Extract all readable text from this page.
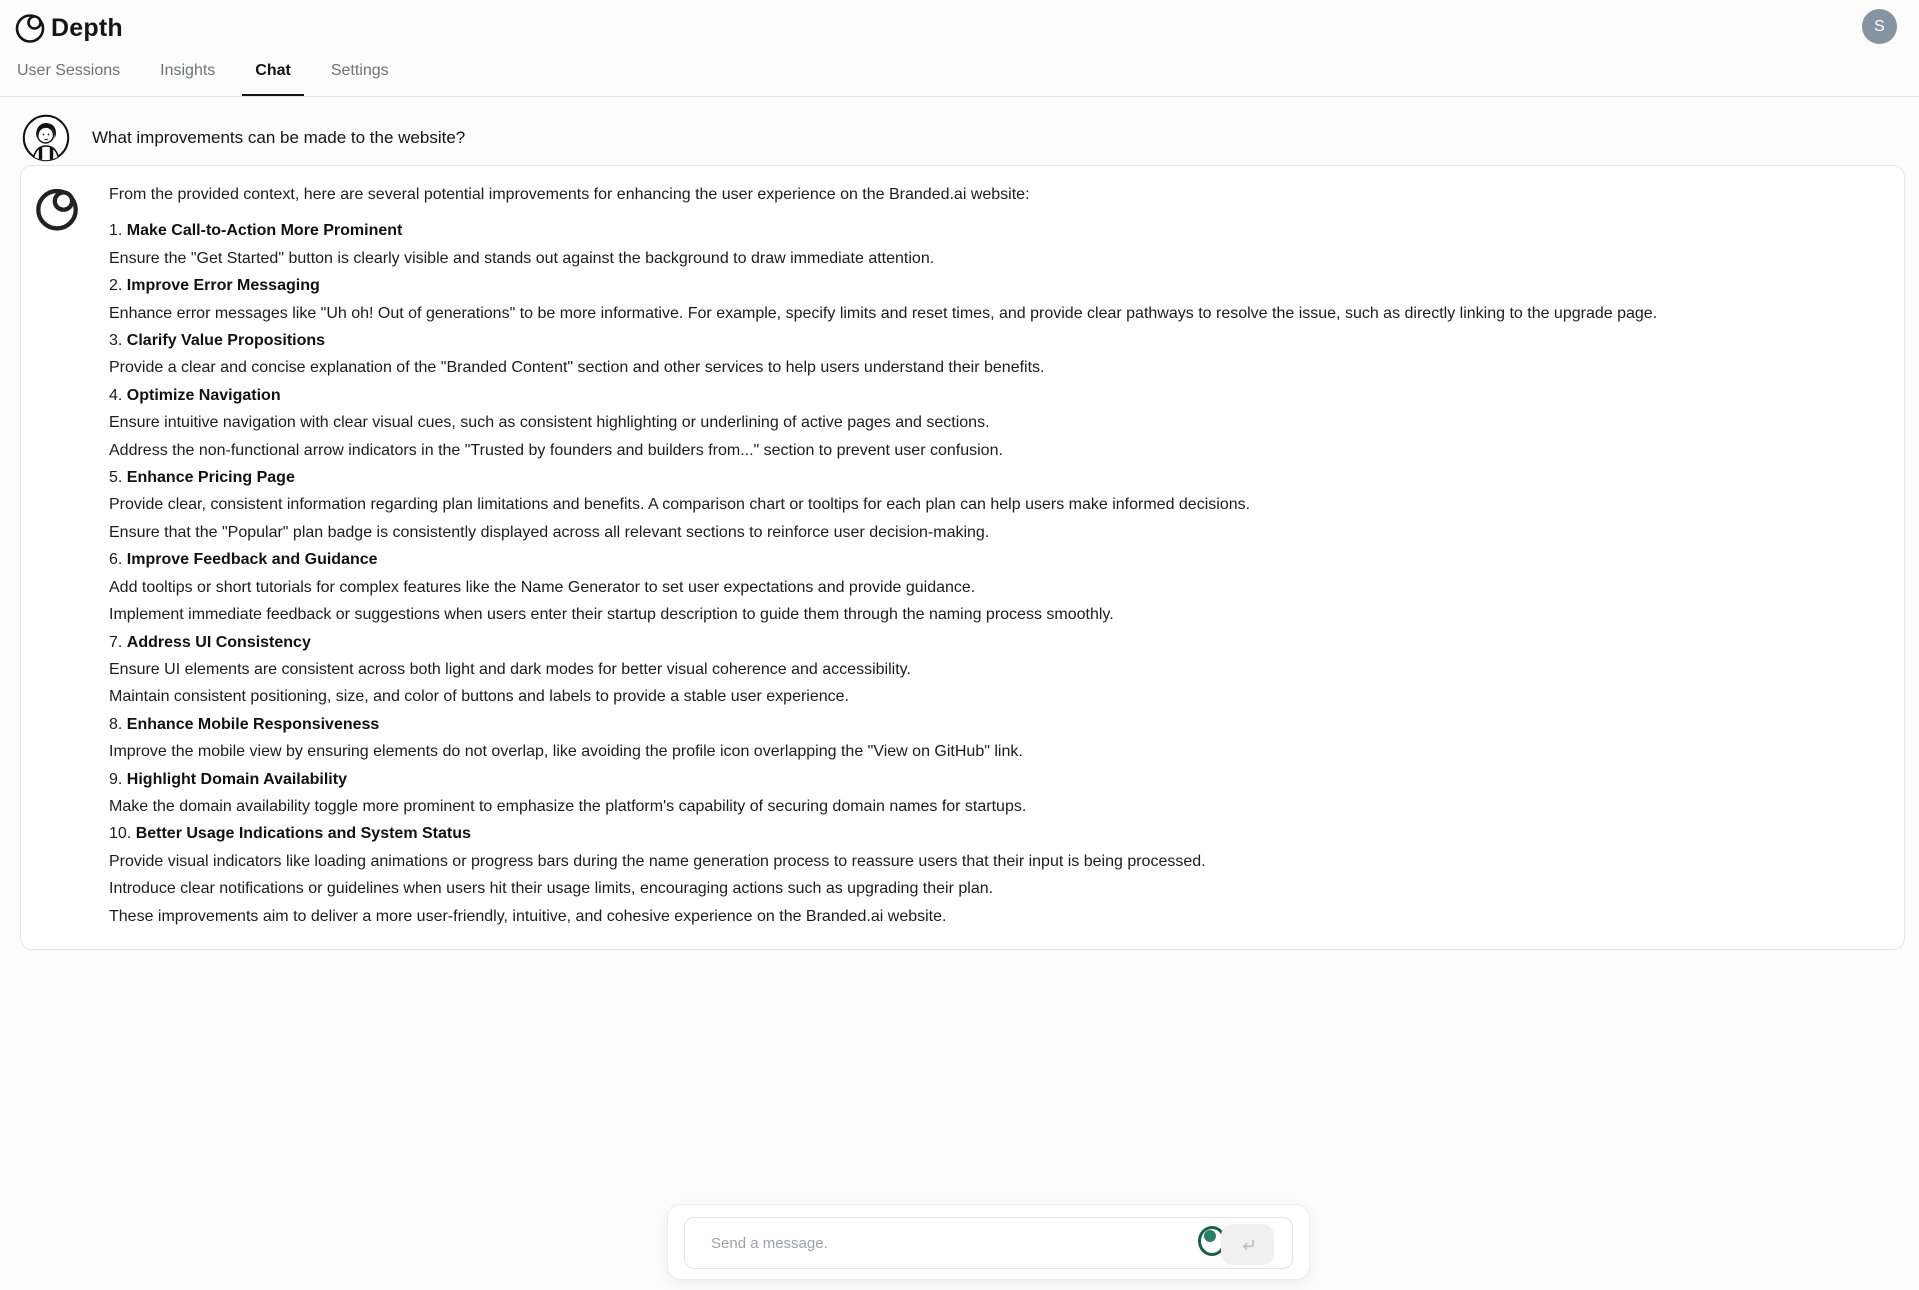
Depth	S
User Sessions	Insights	Chat	Settings
What improvements can be made to the website?
From the provided context, here are several potential improvements for enhancing the user experience on the Branded.ai website:
1. Make Call-to-Action More Prominent
Ensure the "Get Started" button is clearly visible and stands out against the background to draw immediate attention.
2. Improve Error Messaging
Enhance error messages like "Uh oh! Out of generations" to be more informative. For example, specify limits and reset times, and provide clear pathways to resolve the issue, such as directly linking to the upgrade page.
3. Clarify Value Propositions
Provide a clear and concise explanation of the "Branded Content" section and other services to help users understand their benefits.
4. Optimize Navigation
Ensure intuitive navigation with clear visual cues, such as consistent highlighting or underlining of active pages and sections.
Address the non-functional arrow indicators in the "Trusted by founders and builders from..." section to prevent user confusion.
5. Enhance Pricing Page
Provide clear, consistent information regarding plan limitations and benefits. A comparison chart or tooltips for each plan can help users make informed decisions.
Ensure that the "Popular" plan badge is consistently displayed across all relevant sections to reinforce user decision-making.
6. Improve Feedback and Guidance
Add tooltips or short tutorials for complex features like the Name Generator to set user expectations and provide guidance.
Implement immediate feedback or suggestions when users enter their startup description to guide them through the naming process smoothly.
7. Address UI Consistency
Ensure UI elements are consistent across both light and dark modes for better visual coherence and accessibility.
Maintain consistent positioning, size, and color of buttons and labels to provide a stable user experience.
8. Enhance Mobile Responsiveness
Improve the mobile view by ensuring elements do not overlap, like avoiding the profile icon overlapping the "View on GitHub" link.
9. Highlight Domain Availability
Make the domain availability toggle more prominent to emphasize the platform's capability of securing domain names for startups.
10. Better Usage Indications and System Status
Provide visual indicators like loading animations or progress bars during the name generation process to reassure users that their input is being processed.
Introduce clear notifications or guidelines when users hit their usage limits, encouraging actions such as upgrading their plan.
These improvements aim to deliver a more user-friendly, intuitive, and cohesive experience on the Branded.ai website.
Send a message.
